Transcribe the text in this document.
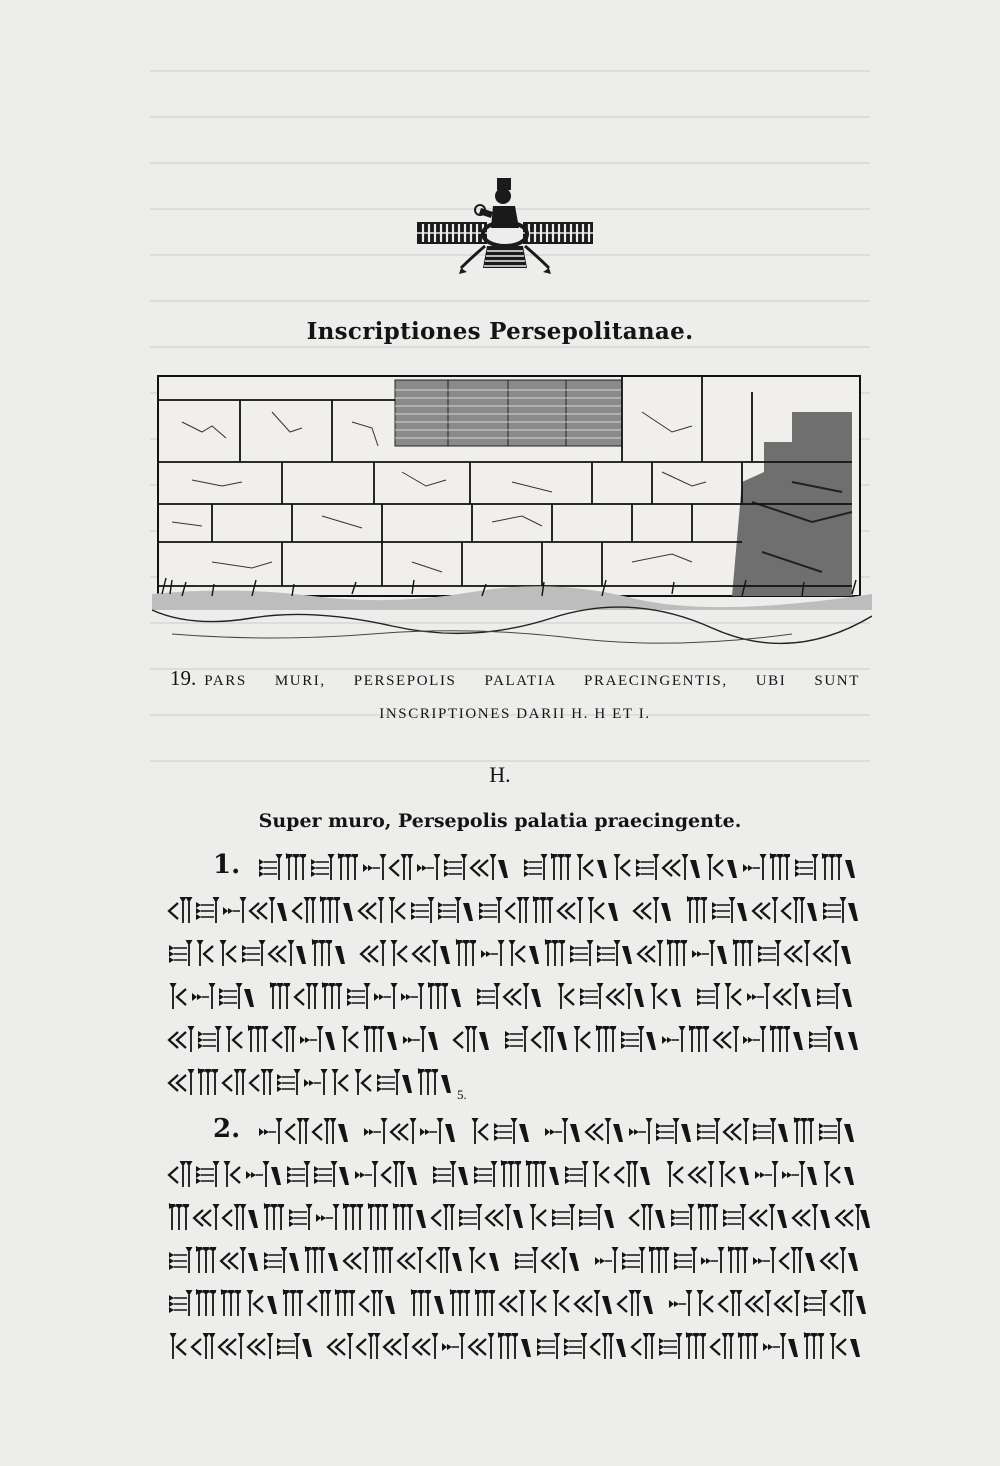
Inscriptiones Persepolitanae.
19. PARS MURI, PERSEPOLIS PALATIA PRAECINGENTIS, UBI SUNT
INSCRIPTIONES DARII H. H ET I.
H.
Super muro, Persepolis palatia praecingente.
1.
5.
2.
